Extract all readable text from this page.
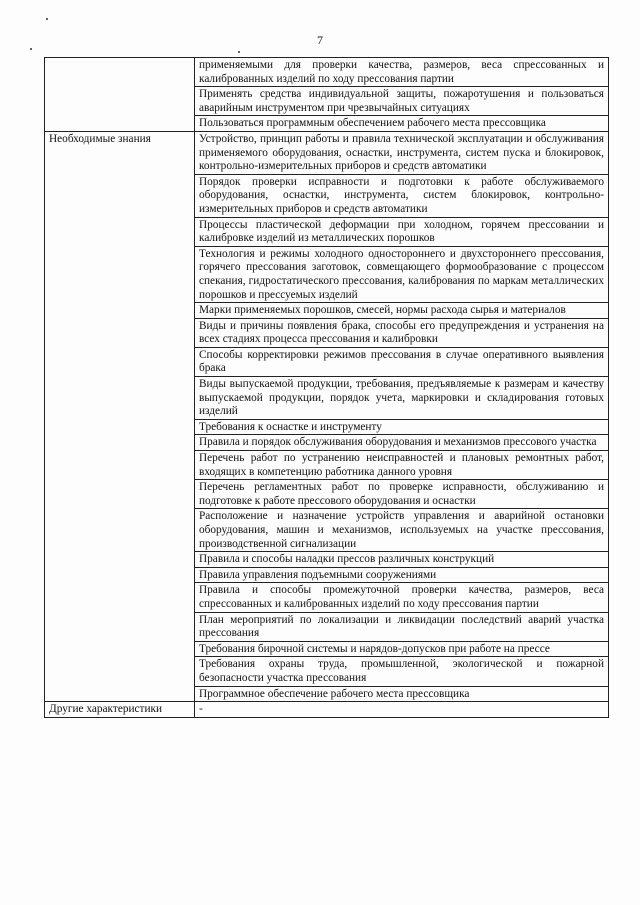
7
	применяемыми для проверки качества, размеров, веса спрессованных и калиброванных изделий по ходу прессования партии
	Применять средства индивидуальной защиты, пожаротушения и пользоваться аварийным инструментом при чрезвычайных ситуациях
	Пользоваться программным обеспечением рабочего места прессовщика
Необходимые знания	Устройство, принцип работы и правила технической эксплуатации и обслуживания применяемого оборудования, оснастки, инструмента, систем пуска и блокировок, контрольно-измерительных приборов и средств автоматики
	Порядок проверки исправности и подготовки к работе обслуживаемого оборудования, оснастки, инструмента, систем блокировок, контрольно-измерительных приборов и средств автоматики
	Процессы пластической деформации при холодном, горячем прессовании и калибровке изделий из металлических порошков
	Технология и режимы холодного одностороннего и двухстороннего прессования, горячего прессования заготовок, совмещающего формообразование с процессом спекания, гидростатического прессования, калибрования по маркам металлических порошков и прессуемых изделий
	Марки применяемых порошков, смесей, нормы расхода сырья и материалов
	Виды и причины появления брака, способы его предупреждения и устранения на всех стадиях процесса прессования и калибровки
	Способы корректировки режимов прессования в случае оперативного выявления брака
	Виды выпускаемой продукции, требования, предъявляемые к размерам и качеству выпускаемой продукции, порядок учета, маркировки и складирования готовых изделий
	Требования к оснастке и инструменту
	Правила и порядок обслуживания оборудования и механизмов прессового участка
	Перечень работ по устранению неисправностей и плановых ремонтных работ, входящих в компетенцию работника данного уровня
	Перечень регламентных работ по проверке исправности, обслуживанию и подготовке к работе прессового оборудования и оснастки
	Расположение и назначение устройств управления и аварийной остановки оборудования, машин и механизмов, используемых на участке прессования, производственной сигнализации
	Правила и способы наладки прессов различных конструкций
	Правила управления подъемными сооружениями
	Правила и способы промежуточной проверки качества, размеров, веса спрессованных и калиброванных изделий по ходу прессования партии
	План мероприятий по локализации и ликвидации последствий аварий участка прессования
	Требования бирочной системы и нарядов-допусков при работе на прессе
	Требования охраны труда, промышленной, экологической и пожарной безопасности участка прессования
	Программное обеспечение рабочего места прессовщика
Другие характеристики	-
